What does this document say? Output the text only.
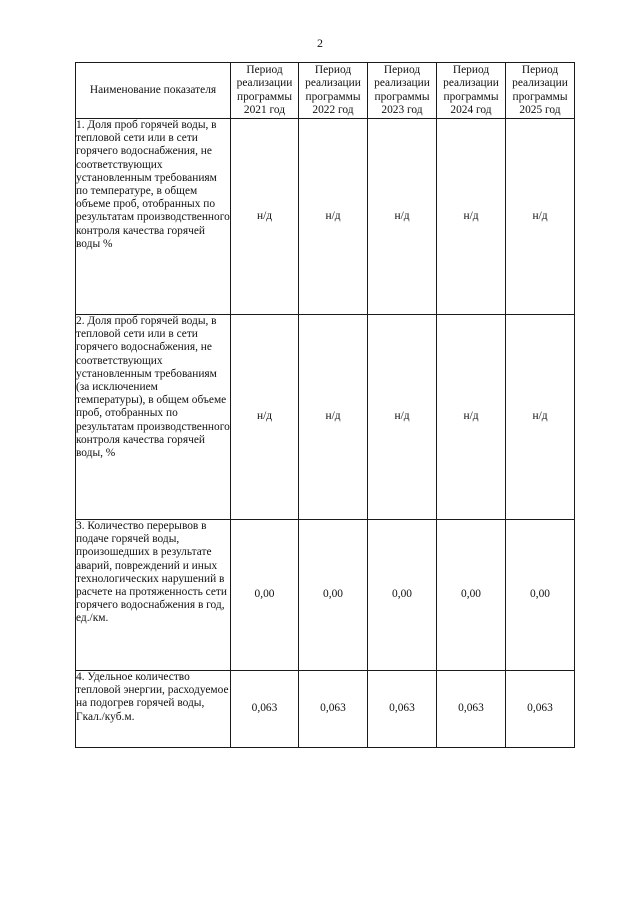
2
Наименование показателя	Период реализации программы 2021 год	Период реализации программы 2022 год	Период реализации программы 2023 год	Период реализации программы 2024 год	Период реализации программы 2025 год
1. Доля проб горячей воды, в тепловой сети или в сети горячего водоснабжения, не соответствующих установленным требованиям по температуре, в общем объеме проб, отобранных по результатам производственного контроля качества горячей воды %	н/д	н/д	н/д	н/д	н/д
2. Доля проб горячей воды, в тепловой сети или в сети горячего водоснабжения, не соответствующих установленным требованиям (за исключением температуры), в общем объеме проб, отобранных по результатам производственного контроля качества горячей воды, %	н/д	н/д	н/д	н/д	н/д
3. Количество перерывов в подаче горячей воды, произошедших в результате аварий, повреждений и иных технологических нарушений в расчете на протяженность сети горячего водоснабжения в год, ед./км.	0,00	0,00	0,00	0,00	0,00
4. Удельное количество тепловой энергии, расходуемое на подогрев горячей воды, Гкал./куб.м.	0,063	0,063	0,063	0,063	0,063
